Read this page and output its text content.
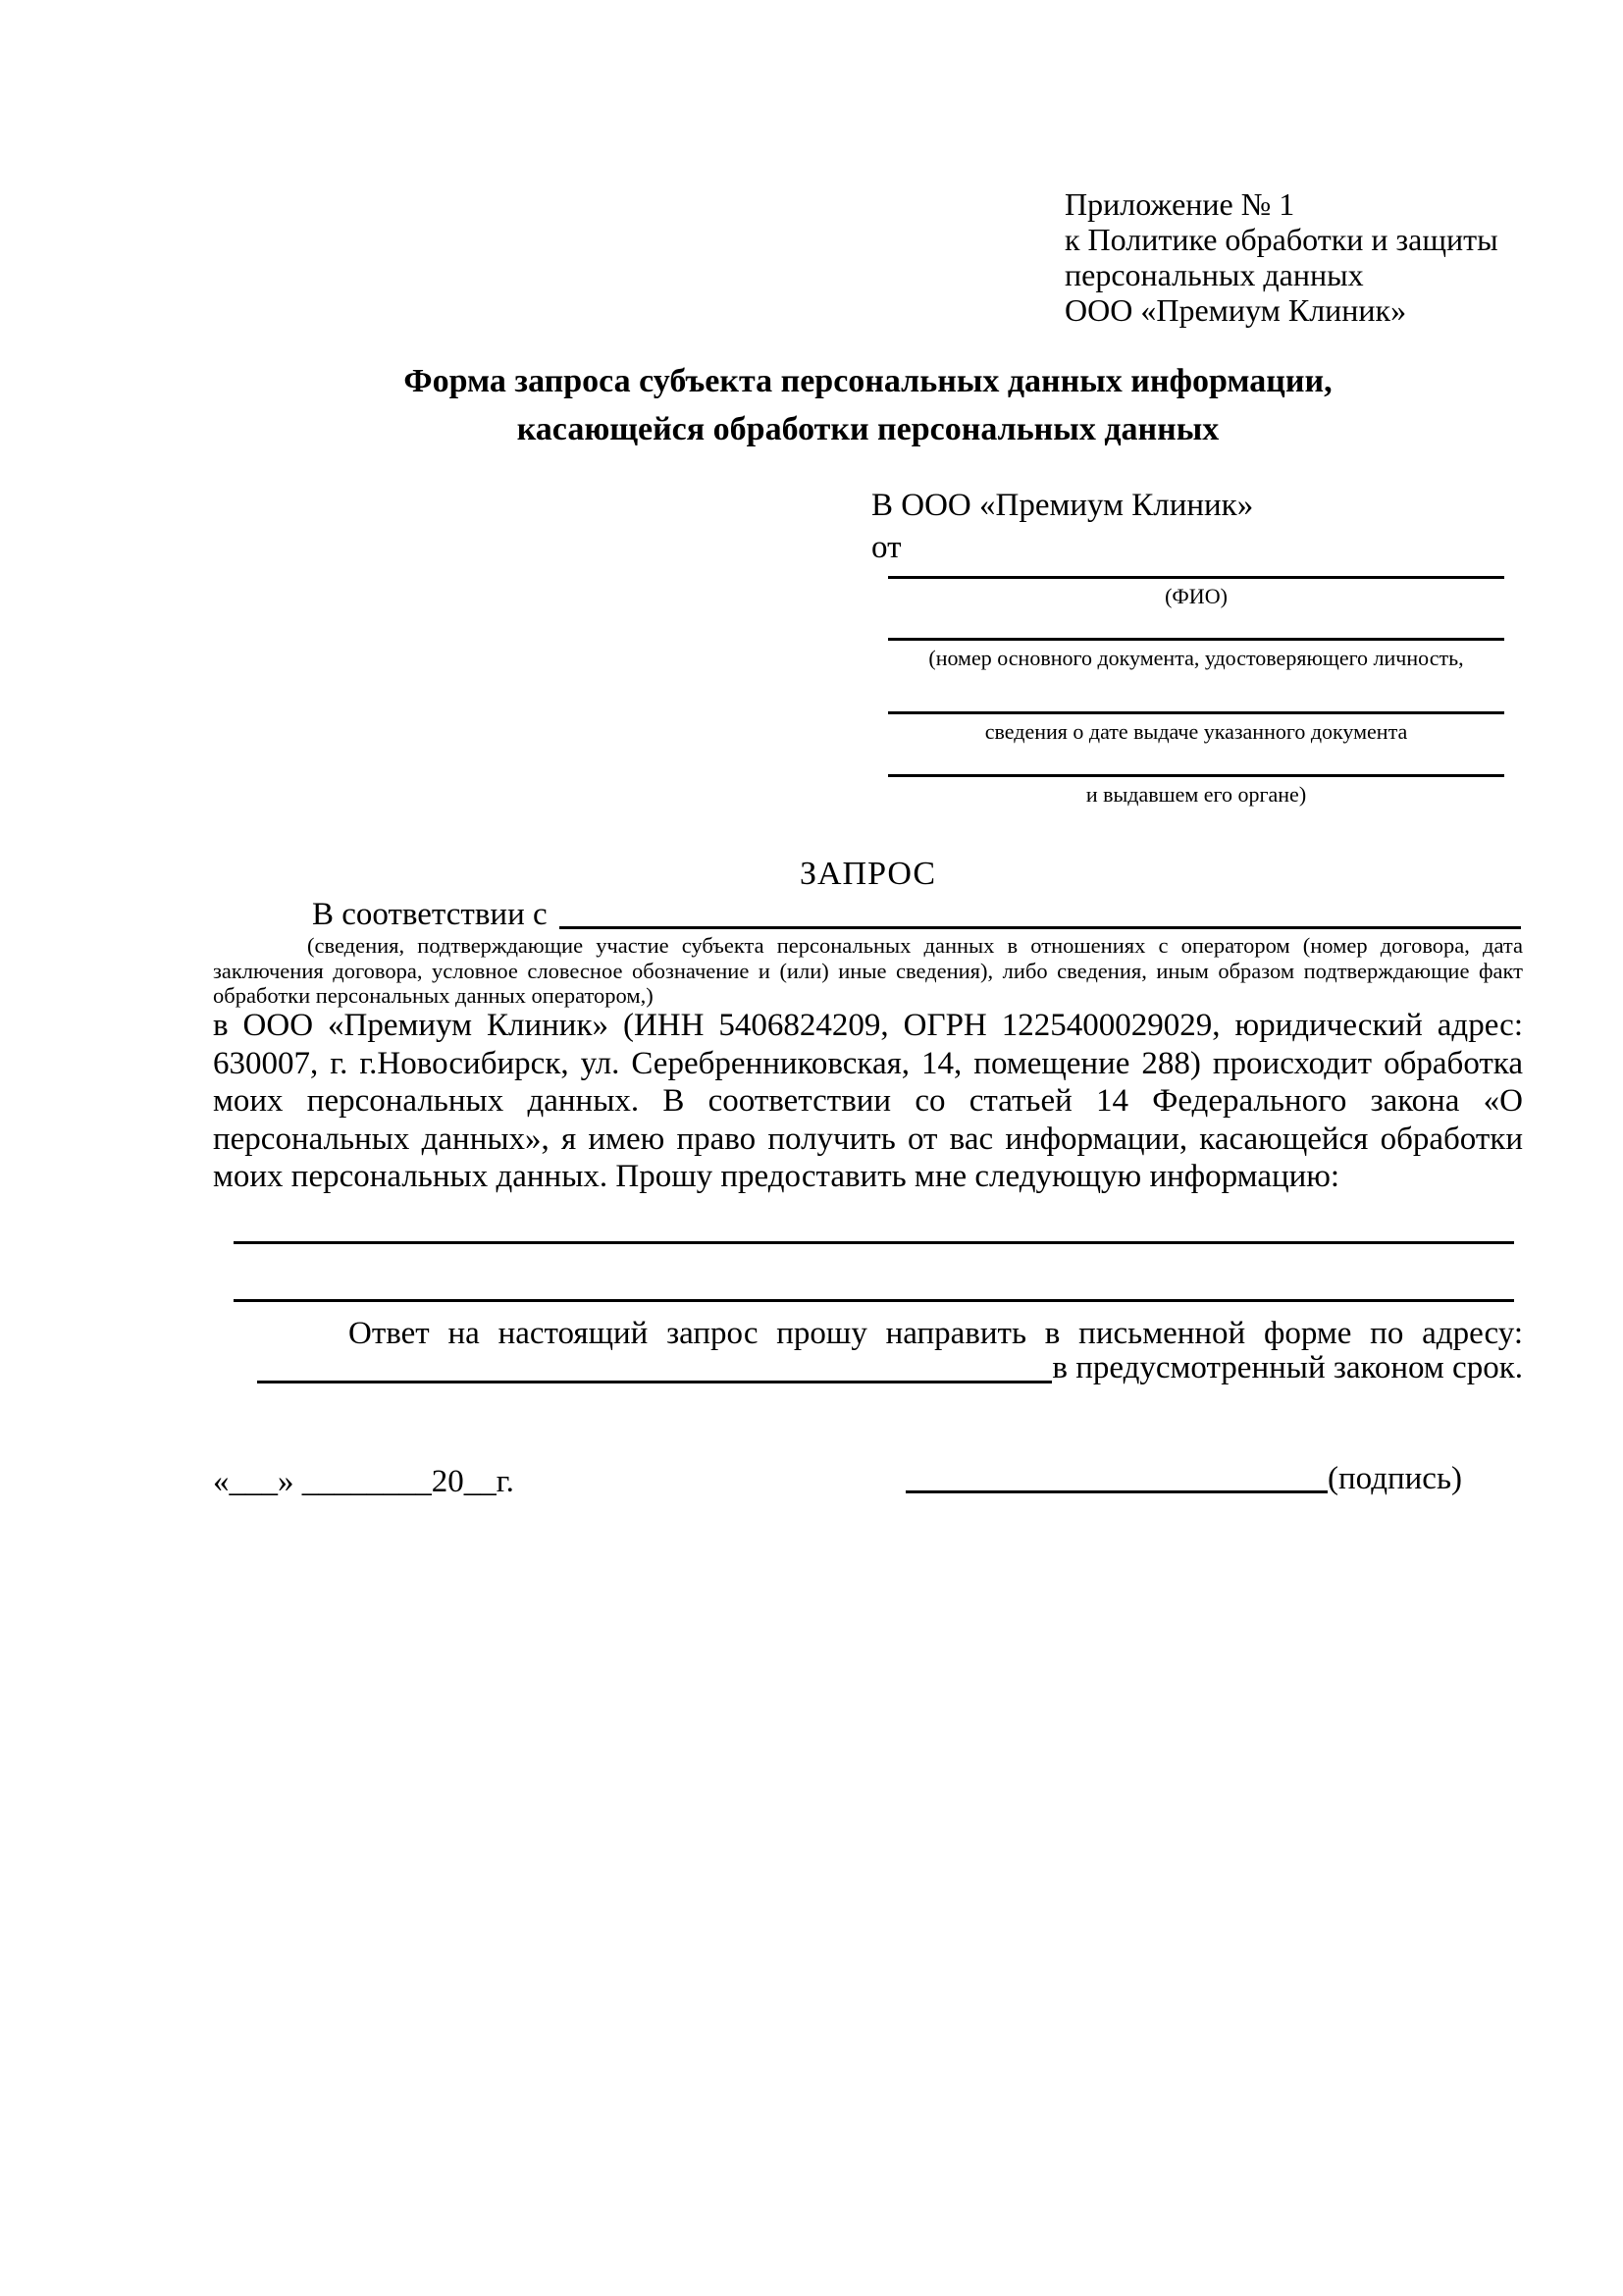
Приложение № 1
к Политике обработки и защиты
персональных данных
ООО «Премиум Клиник»
Форма запроса субъекта персональных данных информации,
касающейся обработки персональных данных
В ООО «Премиум Клиник»
от
(ФИО)
(номер основного документа, удостоверяющего личность,
сведения о дате выдаче указанного документа
и выдавшем его органе)
ЗАПРОС
В соответствии с
(сведения, подтверждающие участие субъекта персональных данных в отношениях с оператором (номер договора, дата заключения договора, условное словесное обозначение и (или) иные сведения), либо сведения, иным образом подтверждающие факт обработки персональных данных оператором,)
в ООО «Премиум Клиник» (ИНН 5406824209, ОГРН 1225400029029, юридический адрес: 630007, г. г.Новосибирск, ул. Серебренниковская, 14, помещение 288) происходит обработка моих персональных данных. В соответствии со статьей 14 Федерального закона «О персональных данных», я имею право получить от вас информации, касающейся обработки моих персональных данных. Прошу предоставить мне следующую информацию:
Ответ на настоящий запрос прошу направить в письменной форме по адресу:
в предусмотренный законом срок.
«___» ________20__г.	(подпись)
